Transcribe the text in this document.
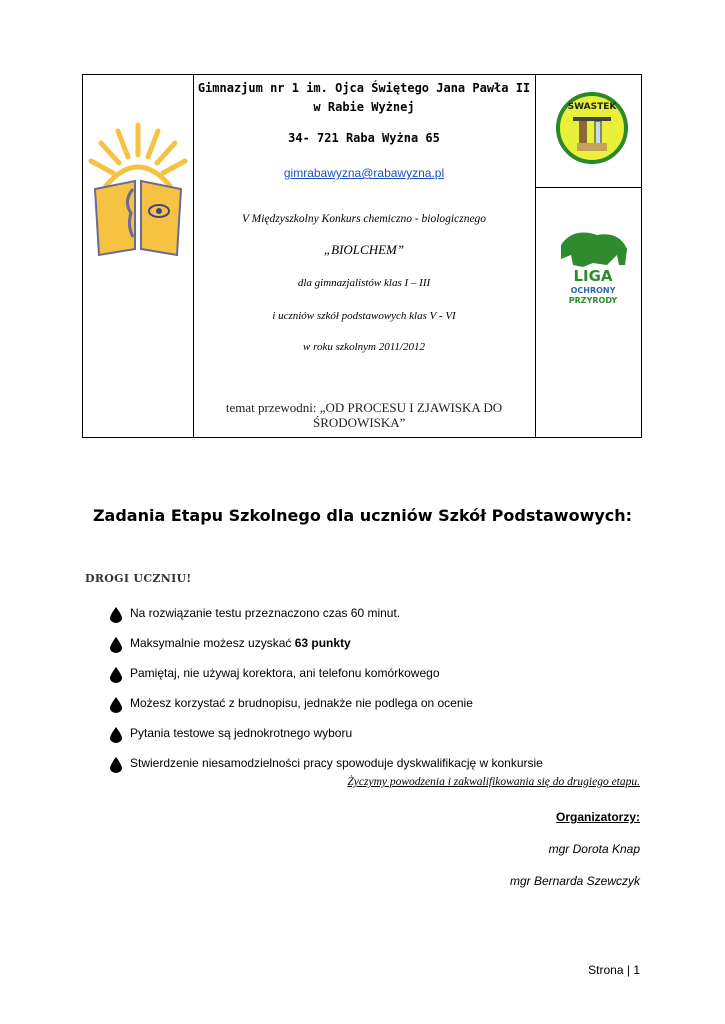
Gimnazjum nr 1 im. Ojca Świętego Jana Pawła II
w Rabie Wyżnej
34- 721 Raba Wyżna 65
gimrabawyzna@rabawyzna.pl
V Międzyszkolny Konkurs chemiczno - biologicznego
„BIOLCHEM”
dla gimnazjalistów klas I – III
i uczniów szkół podstawowych klas V - VI
w roku szkolnym 2011/2012
temat przewodni: „OD PROCESU I ZJAWISKA DO
ŚRODOWISKA”
SWASTEK
LIGA
OCHRONY
PRZYRODY
Zadania Etapu Szkolnego dla uczniów Szkół Podstawowych:
DROGI UCZNIU!
Na rozwiązanie testu przeznaczono czas 60 minut.
Maksymalnie możesz uzyskać 63 punkty
Pamiętaj, nie używaj korektora, ani telefonu komórkowego
Możesz korzystać z brudnopisu, jednakże nie podlega on ocenie
Pytania testowe są jednokrotnego wyboru
Stwierdzenie niesamodzielności pracy spowoduje dyskwalifikację w konkursie
Życzymy powodzenia i zakwalifikowania się do drugiego etapu.
Organizatorzy:
mgr Dorota Knap
mgr Bernarda Szewczyk
Strona | 1
